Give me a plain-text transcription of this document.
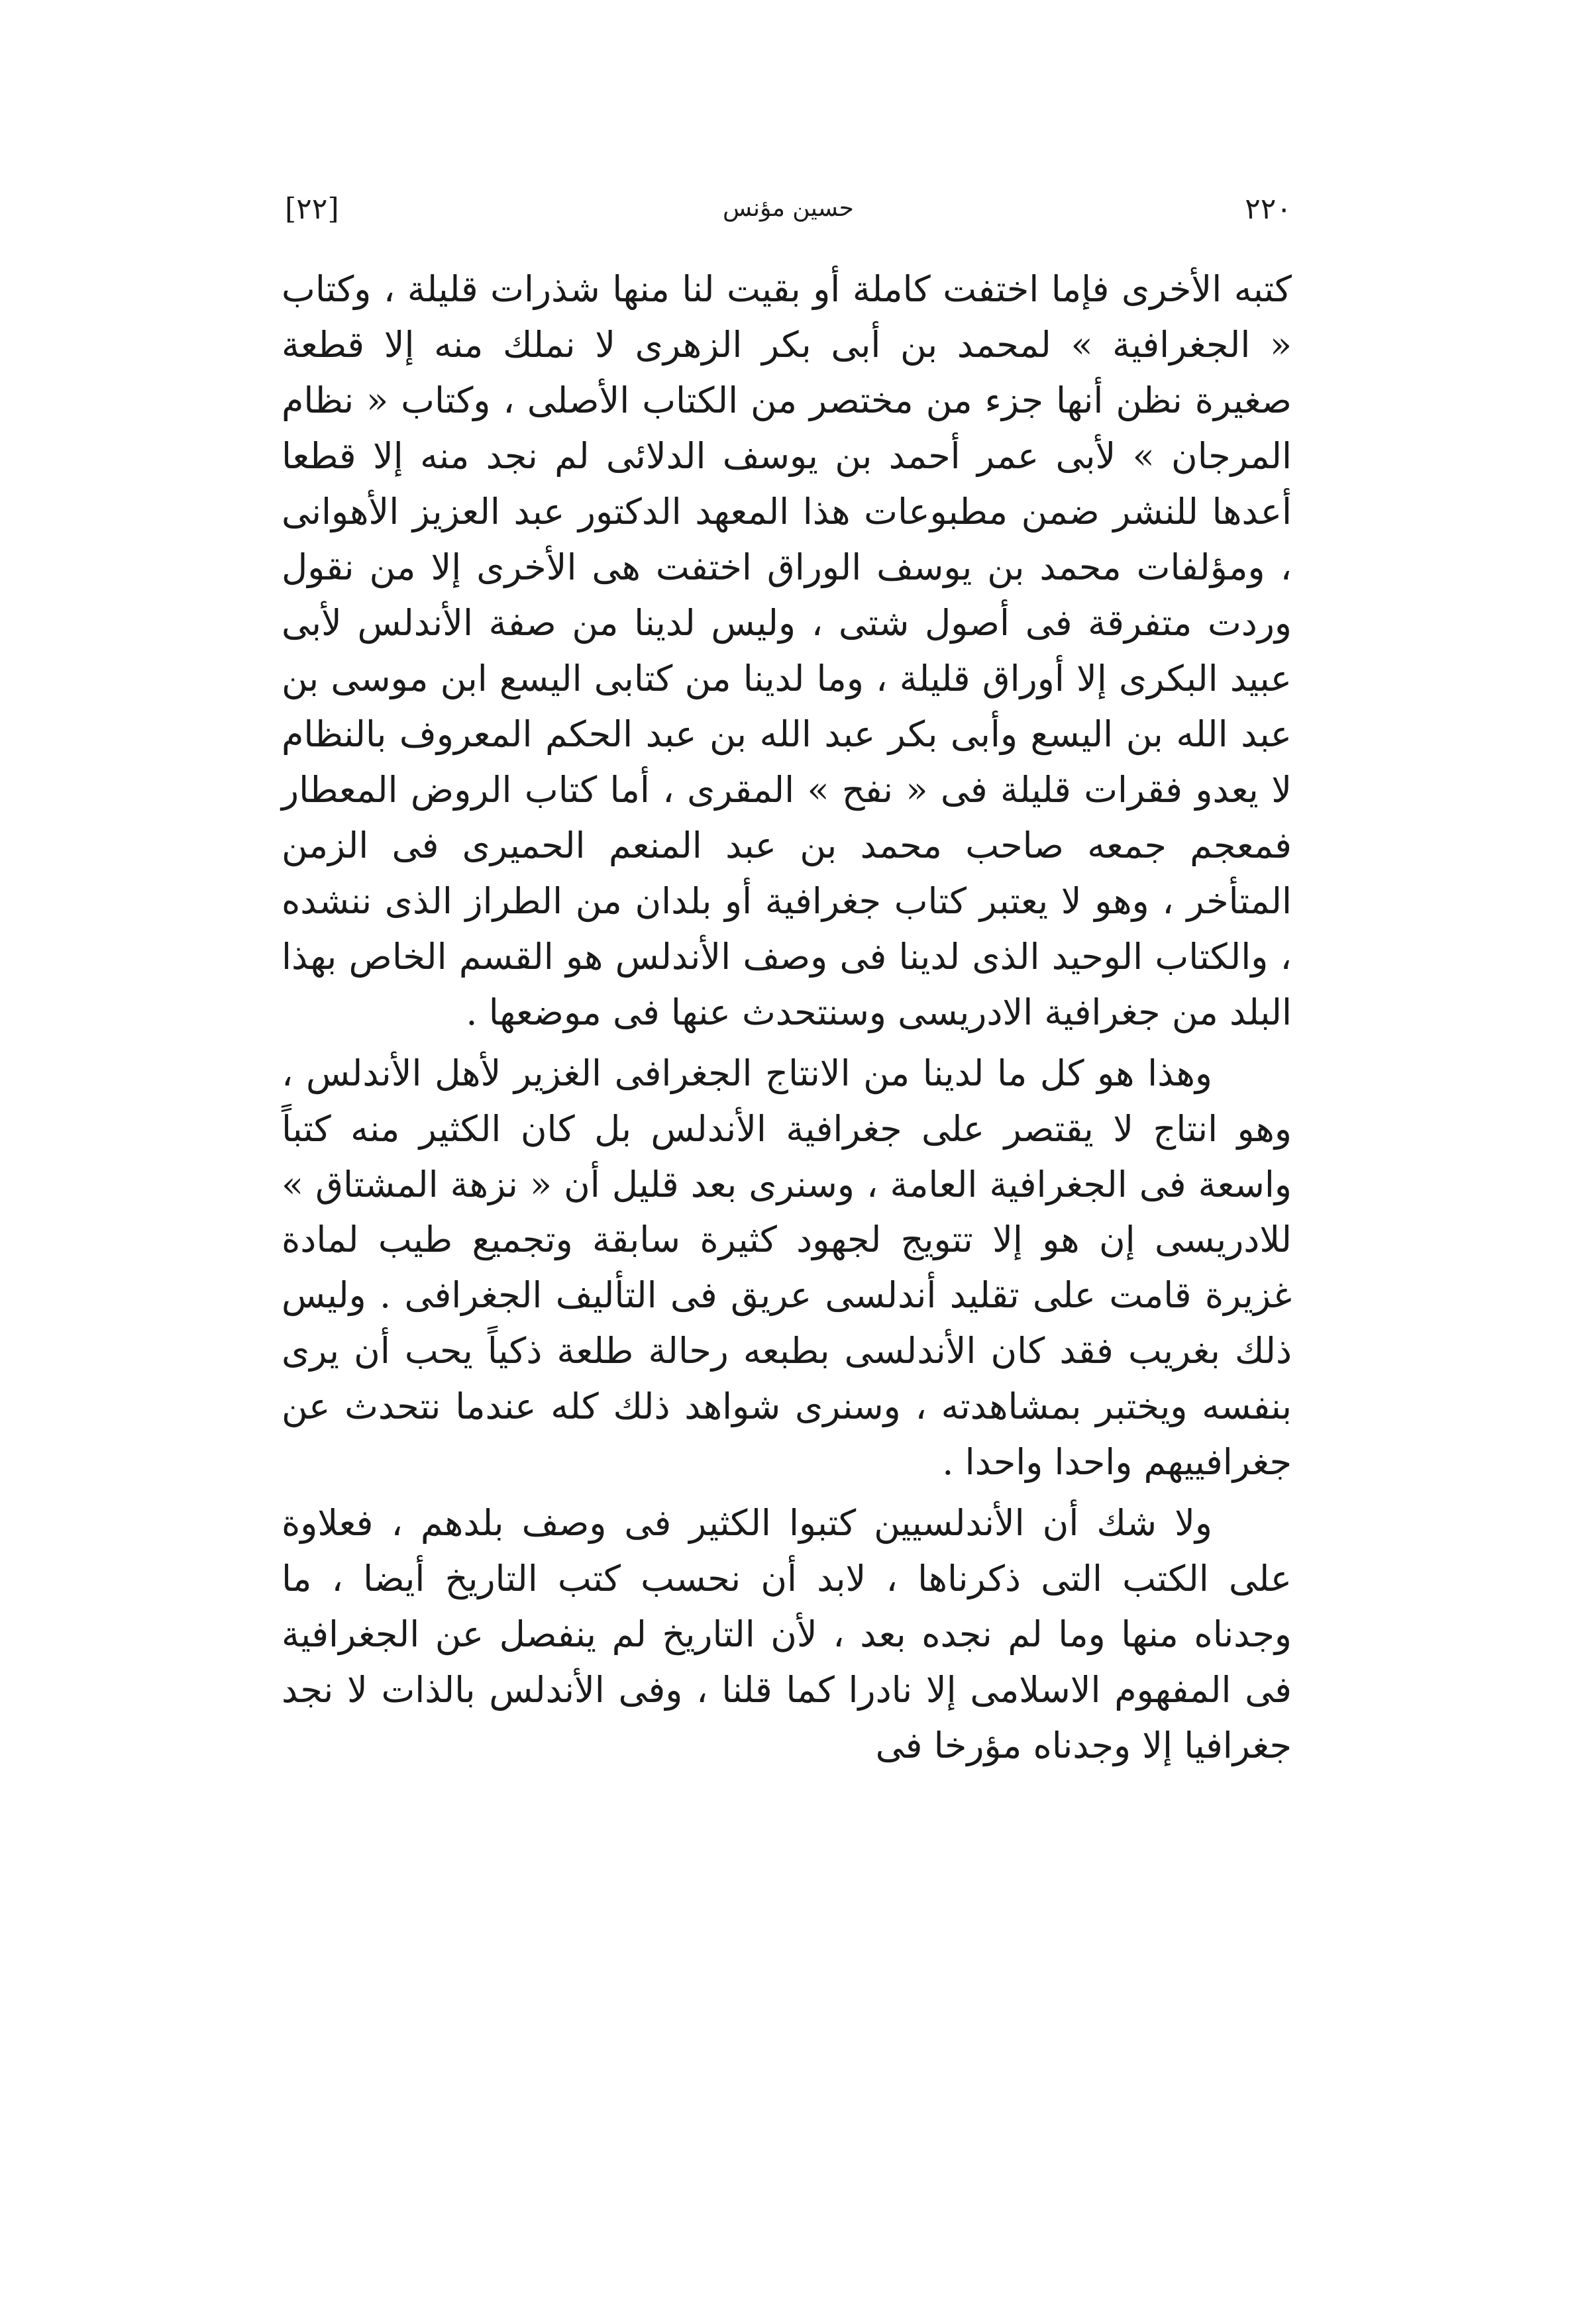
٢٢٠
حسين مؤنس
[٢٢]

كتبه الأخرى فإما اختفت كاملة أو بقيت لنا منها شذرات قليلة ، وكتاب « الجغرافية » لمحمد بن أبى بكر الزهرى لا نملك منه إلا قطعة صغيرة نظن أنها جزء من مختصر من الكتاب الأصلى ، وكتاب « نظام المرجان » لأبى عمر أحمد بن يوسف الدلائى لم نجد منه إلا قطعا أعدها للنشر ضمن مطبوعات هذا المعهد الدكتور عبد العزيز الأهوانى ، ومؤلفات محمد بن يوسف الوراق اختفت هى الأخرى إلا من نقول وردت متفرقة فى أصول شتى ، وليس لدينا من صفة الأندلس لأبى عبيد البكرى إلا أوراق قليلة ، وما لدينا من كتابى اليسع ابن موسى بن عبد الله بن اليسع وأبى بكر عبد الله بن عبد الحكم المعروف بالنظام لا يعدو فقرات قليلة فى « نفح » المقرى ، أما كتاب الروض المعطار فمعجم جمعه صاحب محمد بن عبد المنعم الحميرى فى الزمن المتأخر ، وهو لا يعتبر كتاب جغرافية أو بلدان من الطراز الذى ننشده ، والكتاب الوحيد الذى لدينا فى وصف الأندلس هو القسم الخاص بهذا البلد من جغرافية الادريسى وسنتحدث عنها فى موضعها .

وهذا هو كل ما لدينا من الانتاج الجغرافى الغزير لأهل الأندلس ، وهو انتاج لا يقتصر على جغرافية الأندلس بل كان الكثير منه كتباً واسعة فى الجغرافية العامة ، وسنرى بعد قليل أن « نزهة المشتاق » للادريسى إن هو إلا تتويج لجهود كثيرة سابقة وتجميع طيب لمادة غزيرة قامت على تقليد أندلسى عريق فى التأليف الجغرافى . وليس ذلك بغريب فقد كان الأندلسى بطبعه رحالة طلعة ذكياً يحب أن يرى بنفسه ويختبر بمشاهدته ، وسنرى شواهد ذلك كله عندما نتحدث عن جغرافييهم واحدا واحدا .

ولا شك أن الأندلسيين كتبوا الكثير فى وصف بلدهم ، فعلاوة على الكتب التى ذكرناها ، لابد أن نحسب كتب التاريخ أيضا ، ما وجدناه منها وما لم نجده بعد ، لأن التاريخ لم ينفصل عن الجغرافية فى المفهوم الاسلامى إلا نادرا كما قلنا ، وفى الأندلس بالذات لا نجد جغرافيا إلا وجدناه مؤرخا فى
